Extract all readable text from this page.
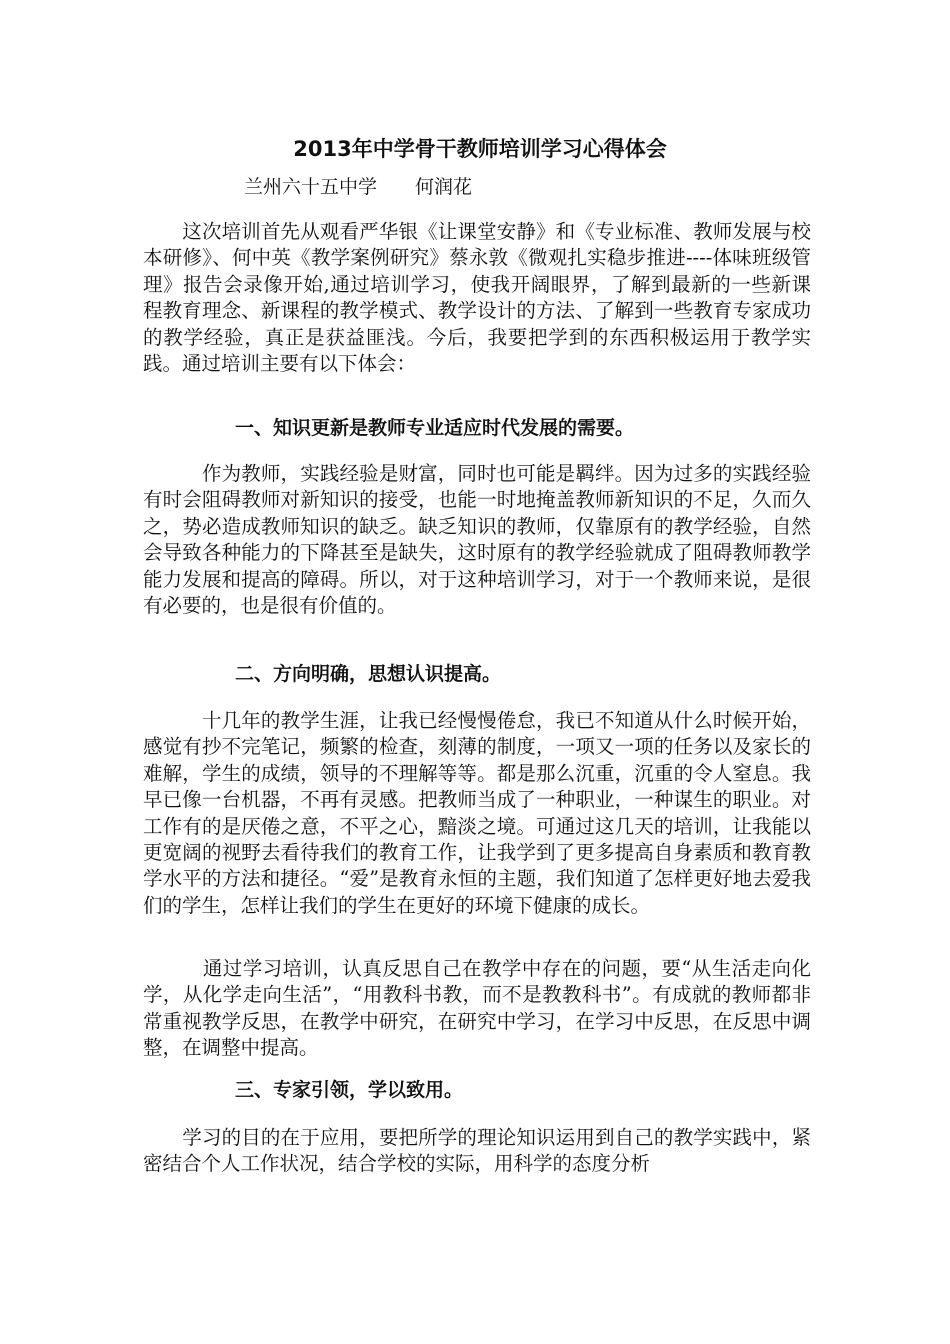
2013年中学骨干教师培训学习心得体会
兰州六十五中学　　何润花

　　这次培训首先从观看严华银《让课堂安静》和《专业标准、教师发展与校本研修》、何中英《教学案例研究》蔡永敦《微观扎实稳步推进----体味班级管理》报告会录像开始,通过培训学习，使我开阔眼界，了解到最新的一些新课程教育理念、新课程的教学模式、教学设计的方法、了解到一些教育专家成功的教学经验，真正是获益匪浅。今后，我要把学到的东西积极运用于教学实践。通过培训主要有以下体会：

一、知识更新是教师专业适应时代发展的需要。

　　　作为教师，实践经验是财富，同时也可能是羁绊。因为过多的实践经验有时会阻碍教师对新知识的接受，也能一时地掩盖教师新知识的不足，久而久之，势必造成教师知识的缺乏。缺乏知识的教师，仅靠原有的教学经验，自然会导致各种能力的下降甚至是缺失，这时原有的教学经验就成了阻碍教师教学能力发展和提高的障碍。所以，对于这种培训学习，对于一个教师来说，是很有必要的，也是很有价值的。

二、方向明确，思想认识提高。

　　　十几年的教学生涯，让我已经慢慢倦怠，我已不知道从什么时候开始，感觉有抄不完笔记，频繁的检查，刻薄的制度，一项又一项的任务以及家长的难解，学生的成绩，领导的不理解等等。都是那么沉重，沉重的令人窒息。我早已像一台机器，不再有灵感。把教师当成了一种职业，一种谋生的职业。对工作有的是厌倦之意，不平之心，黯淡之境。可通过这几天的培训，让我能以更宽阔的视野去看待我们的教育工作，让我学到了更多提高自身素质和教育教学水平的方法和捷径。“爱”是教育永恒的主题，我们知道了怎样更好地去爱我们的学生，怎样让我们的学生在更好的环境下健康的成长。

　　　通过学习培训，认真反思自己在教学中存在的问题，要“从生活走向化学，从化学走向生活”，“用教科书教，而不是教教科书”。有成就的教师都非常重视教学反思，在教学中研究，在研究中学习，在学习中反思，在反思中调整，在调整中提高。

三、专家引领，学以致用。

　　学习的目的在于应用，要把所学的理论知识运用到自己的教学实践中，紧密结合个人工作状况，结合学校的实际，用科学的态度分析
